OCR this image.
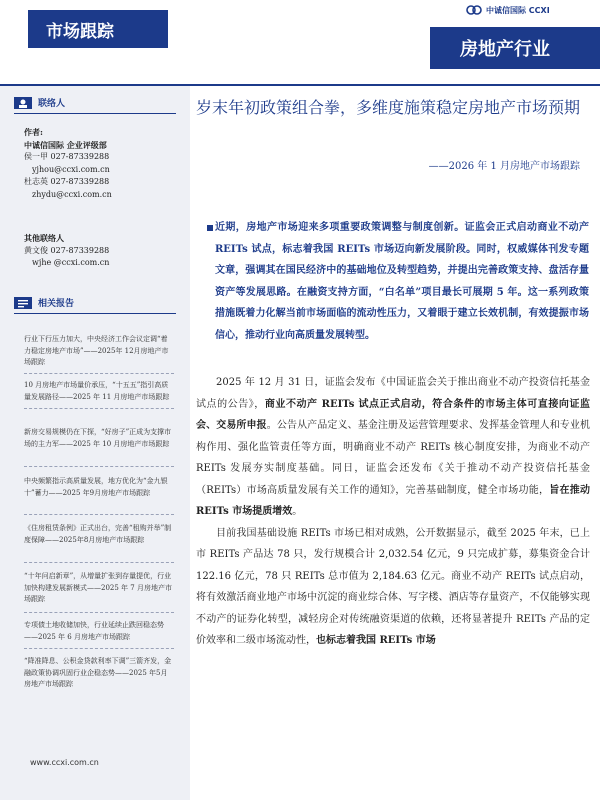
市场跟踪
中诚信国际 CCXI
房地产行业
联络人
作者:
中诚信国际 企业评级部
侯一甲 027-87339288
yjhou@ccxi.com.cn
杜志英 027-87339288
zhydu@ccxi.com.cn
其他联络人
黄文俊 027-87339288
wjhe @ccxi.com.cn
相关报告
行业下行压力加大，中央经济工作会议定调“着力稳定房地产市场”——2025年 12月房地产市场跟踪
10 月房地产市场量价承压，“十五五”指引高质量发展路径——2025 年 11 月房地产市场跟踪
新房交易规模仍在下探，“好房子”正成为支撑市场的主力军——2025 年 10 月房地产市场跟踪
中央频繁指示高质量发展，地方优化为“金九银十”蓄力——2025 年9月房地产市场跟踪
《住房租赁条例》正式出台，完善“租购并举”制度保障——2025年8月房地产市场跟踪
“十年问启新章”，从增量扩张到存量提优，行业加快构建发展新模式——2025 年 7 月房地产市场跟踪
专项债土地收储加快，行业延续止跌回稳态势——2025 年 6 月房地产市场跟踪
“降准降息、公积金贷款利率下调”三箭齐发，金融政策协调巩固行业企稳态势——2025 年5月房地产市场跟踪
www.ccxi.com.cn
岁末年初政策组合拳，多维度施策稳定房地产市场预期
——2026 年 1 月房地产市场跟踪
近期，房地产市场迎来多项重要政策调整与制度创新。证监会正式启动商业不动产 REITs 试点，标志着我国 REITs 市场迈向新发展阶段。同时，权威媒体刊发专题文章，强调其在国民经济中的基础地位及转型趋势，并提出完善政策支持、盘活存量资产等发展思路。在融资支持方面，“白名单”项目最长可展期 5 年。这一系列政策措施既着力化解当前市场面临的流动性压力，又着眼于建立长效机制，有效提振市场信心，推动行业向高质量发展转型。

2025 年 12 月 31 日，证监会发布《中国证监会关于推出商业不动产投资信托基金试点的公告》，商业不动产 REITs 试点正式启动，符合条件的市场主体可直接向证监会、交易所申报。公告从产品定义、基金注册及运营管理要求、发挥基金管理人和专业机构作用、强化监管责任等方面，明确商业不动产 REITs 核心制度安排，为商业不动产 REITs 发展夯实制度基础。同日，证监会还发布《关于推动不动产投资信托基金（REITs）市场高质量发展有关工作的通知》，完善基础制度，健全市场功能，旨在推动 REITs 市场提质增效。

目前我国基础设施 REITs 市场已相对成熟，公开数据显示，截至 2025 年末，已上市 REITs 产品达 78 只，发行规模合计 2,032.54 亿元，9 只完成扩募，募集资金合计 122.16 亿元，78 只 REITs 总市值为 2,184.63 亿元。商业不动产 REITs 试点启动，将有效激活商业地产市场中沉淀的商业综合体、写字楼、酒店等存量资产，不仅能够实现不动产的证券化转型，减轻房企对传统融资渠道的依赖，还将显著提升 REITs 产品的定价效率和二级市场流动性，也标志着我国 REITs 市场
